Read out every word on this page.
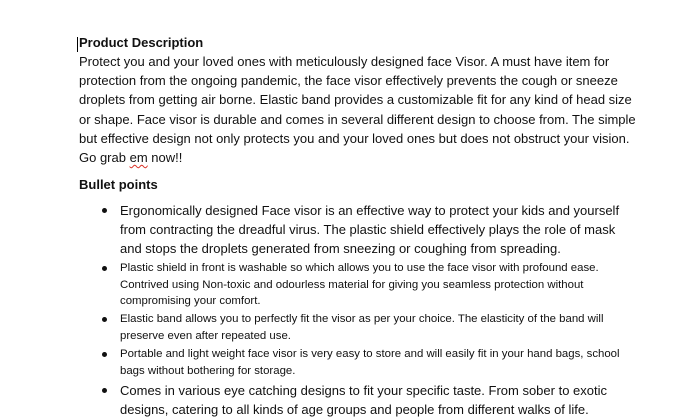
Product Description

Protect you and your loved ones with meticulously designed face Visor. A must have item for protection from the ongoing pandemic, the face visor effectively prevents the cough or sneeze droplets from getting air borne. Elastic band provides a customizable fit for any kind of head size or shape. Face visor is durable and comes in several different design to choose from. The simple but effective design not only protects you and your loved ones but does not obstruct your vision. Go grab em now!!

Bullet points

Ergonomically designed Face visor is an effective way to protect your kids and yourself from contracting the dreadful virus. The plastic shield effectively plays the role of mask and stops the droplets generated from sneezing or coughing from spreading.
Plastic shield in front is washable so which allows you to use the face visor with profound ease. Contrived using Non-toxic and odourless material for giving you seamless protection without compromising your comfort.
Elastic band allows you to perfectly fit the visor as per your choice. The elasticity of the band will preserve even after repeated use.
Portable and light weight face visor is very easy to store and will easily fit in your hand bags, school bags without bothering for storage.
Comes in various eye catching designs to fit your specific taste. From sober to exotic designs, catering to all kinds of age groups and people from different walks of life.
